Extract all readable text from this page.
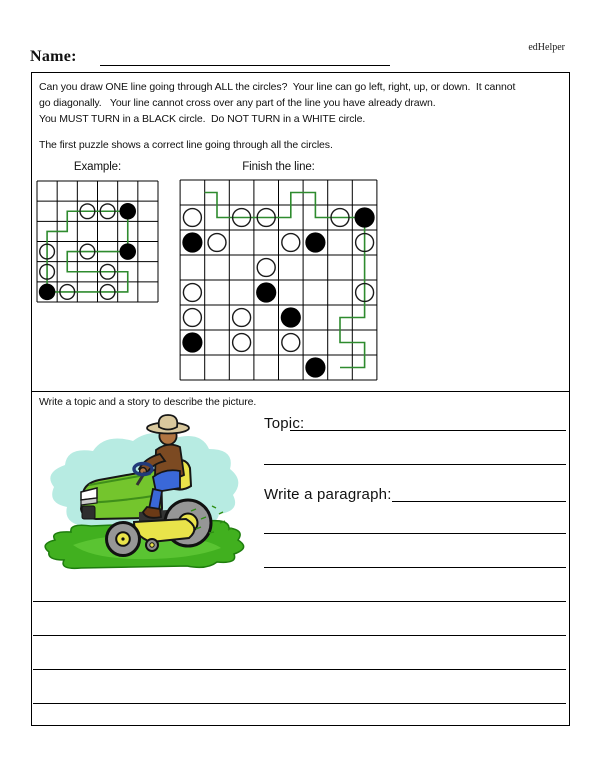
edHelper
Name:
Can you draw ONE line going through ALL the circles?  Your line can go left, right, up, or down.  It cannot
go diagonally.   Your line cannot cross over any part of the line you have already drawn.
You MUST TURN in a BLACK circle.  Do NOT TURN in a WHITE circle.
The first puzzle shows a correct line going through all the circles.
Example:	Finish the line:
Write a topic and a story to describe the picture.
Topic:
Write a paragraph:
